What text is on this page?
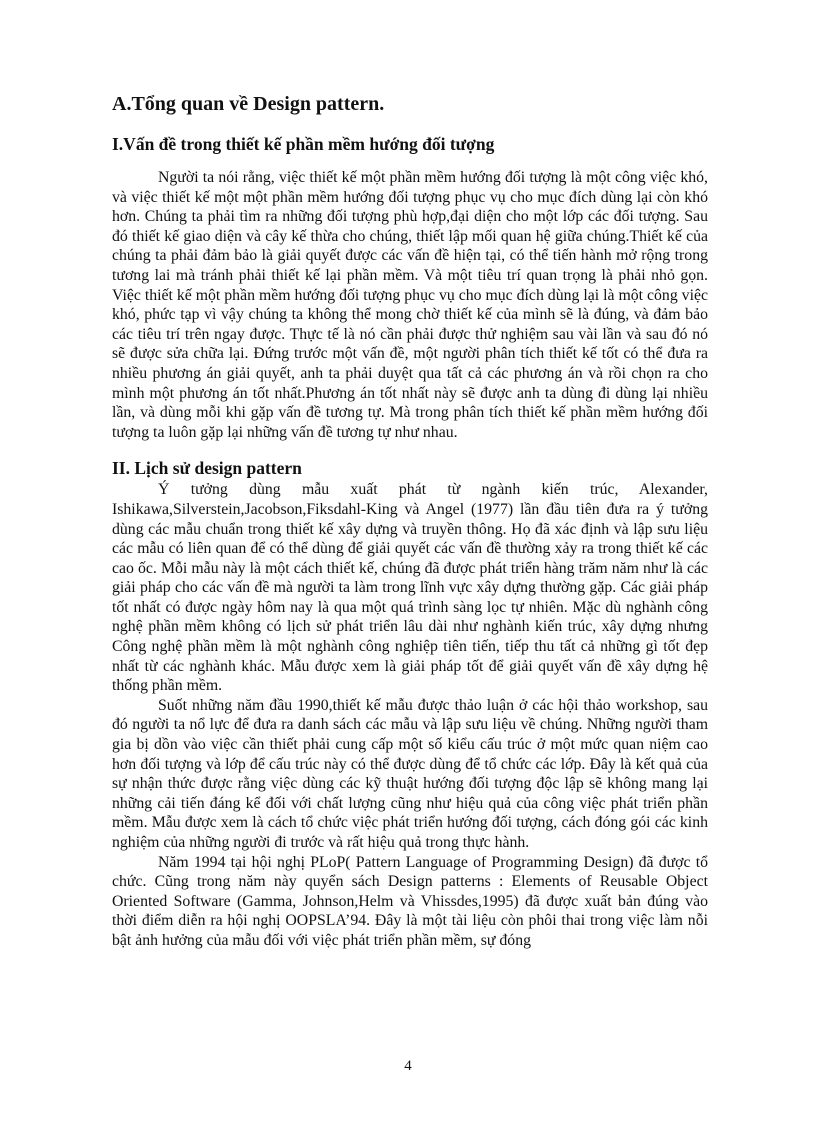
A.Tổng quan về Design pattern.
I.Vấn đề trong thiết kế phần mềm hướng đối tượng

Người ta nói rằng, việc thiết kế một phần mềm hướng đối tượng là một công việc khó, và việc thiết kế một một phần mềm hướng đối tượng phục vụ cho mục đích dùng lại còn khó hơn. Chúng ta phải tìm ra những đối tượng phù hợp,đại diện cho một lớp các đối tượng. Sau đó thiết kế giao diện và cây kế thừa cho chúng, thiết lập mối quan hệ giữa chúng.Thiết kế của chúng ta phải đảm bảo là giải quyết được các vấn đề hiện tại, có thể tiến hành mở rộng trong tương lai mà tránh phải thiết kế lại phần mềm. Và một tiêu trí quan trọng là phải nhỏ gọn. Việc thiết kế một phần mềm hướng đối tượng phục vụ cho mục đích dùng lại là một công việc khó, phức tạp vì vậy chúng ta không thể mong chờ thiết kế của mình sẽ là đúng, và đảm bảo các tiêu trí trên ngay được. Thực tế là nó cần phải được thử nghiệm sau vài lần và sau đó nó sẽ được sửa chữa lại. Đứng trước một vấn đề, một người phân tích thiết kế tốt có thể đưa ra nhiều phương án giải quyết, anh ta phải duyệt qua tất cả các phương án và rồi chọn ra cho mình một phương án tốt nhất.Phương án tốt nhất này sẽ được anh ta dùng đi dùng lại nhiều lần, và dùng mỗi khi gặp vấn đề tương tự. Mà trong phân tích thiết kế phần mềm hướng đối tượng ta luôn gặp lại những vấn đề tương tự như nhau.

II. Lịch sử design pattern

Ý tưởng dùng mẫu xuất phát từ ngành kiến trúc, Alexander, Ishikawa,Silverstein,Jacobson,Fiksdahl-King và Angel (1977) lần đầu tiên đưa ra ý tưởng dùng các mẫu chuẩn trong thiết kế xây dựng và truyền thông. Họ đã xác định và lập sưu liệu các mẫu có liên quan để có thể dùng để giải quyết các vấn đề thường xảy ra trong thiết kế các cao ốc. Mỗi mẫu này là một cách thiết kế, chúng đã được phát triển hàng trăm năm như là các giải pháp cho các vấn đề mà người ta làm trong lĩnh vực xây dựng thường gặp. Các giải pháp tốt nhất có được ngày hôm nay là qua một quá trình sàng lọc tự nhiên. Mặc dù nghành công nghệ phần mềm không có lịch sử phát triển lâu dài như nghành kiến trúc, xây dựng nhưng Công nghệ phần mềm là một nghành công nghiệp tiên tiến, tiếp thu tất cả những gì tốt đẹp nhất từ các nghành khác. Mẫu được xem là giải pháp tốt để giải quyết vấn đề xây dựng hệ thống phần mềm.

Suốt những năm đầu 1990,thiết kế mẫu được thảo luận ở các hội thảo workshop, sau đó người ta nổ lực để đưa ra danh sách các mẫu và lập sưu liệu về chúng. Những người tham gia bị dồn vào việc cần thiết phải cung cấp một số kiểu cấu trúc ở một mức quan niệm cao hơn đối tượng và lớp để cấu trúc này có thể được dùng để tổ chức các lớp. Đây là kết quả của sự nhận thức được rằng việc dùng các kỹ thuật hướng đối tượng độc lập sẽ không mang lại những cải tiến đáng kể đối với chất lượng cũng như hiệu quả của công việc phát triển phần mềm. Mẫu được xem là cách tổ chức việc phát triển hướng đối tượng, cách đóng gói các kinh nghiệm của những người đi trước và rất hiệu quả trong thực hành.

Năm 1994 tại hội nghị PLoP( Pattern Language of Programming Design) đã được tổ chức. Cũng trong năm này quyển sách Design patterns : Elements of Reusable Object Oriented Software (Gamma, Johnson,Helm và Vhissdes,1995) đã được xuất bản đúng vào thời điểm diễn ra hội nghị OOPSLA’94. Đây là một tài liệu còn phôi thai trong việc làm nỗi bật ảnh hưởng của mẫu đối với việc phát triển phần mềm, sự đóng

4
